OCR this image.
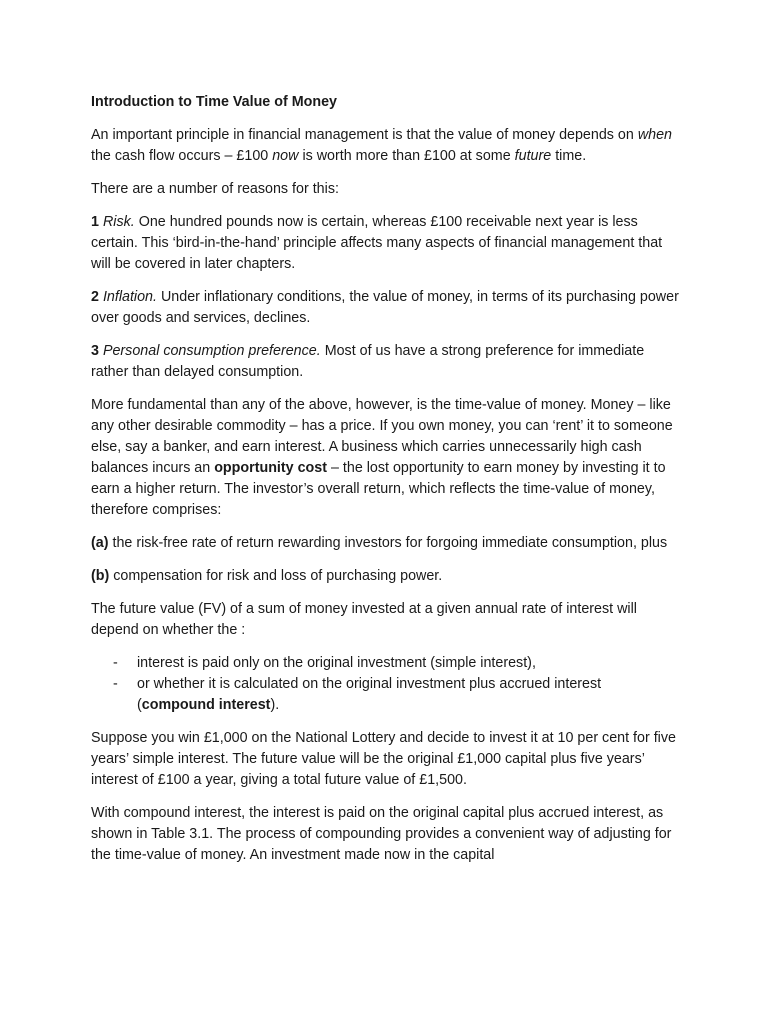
Introduction to Time Value of Money

An important principle in financial management is that the value of money depends on when the cash flow occurs – £100 now is worth more than £100 at some future time.

There are a number of reasons for this:

1 Risk. One hundred pounds now is certain, whereas £100 receivable next year is less certain. This ‘bird-in-the-hand’ principle affects many aspects of financial management that will be covered in later chapters.

2 Inflation. Under inflationary conditions, the value of money, in terms of its purchasing power over goods and services, declines.

3 Personal consumption preference. Most of us have a strong preference for immediate rather than delayed consumption.

More fundamental than any of the above, however, is the time-value of money. Money – like any other desirable commodity – has a price. If you own money, you can ‘rent’ it to someone else, say a banker, and earn interest. A business which carries unnecessarily high cash balances incurs an opportunity cost – the lost opportunity to earn money by investing it to earn a higher return. The investor’s overall return, which reflects the time-value of money, therefore comprises:

(a) the risk-free rate of return rewarding investors for forgoing immediate consumption, plus

(b) compensation for risk and loss of purchasing power.

The future value (FV) of a sum of money invested at a given annual rate of interest will depend on whether the :

- interest is paid only on the original investment (simple interest),
- or whether it is calculated on the original investment plus accrued interest (compound interest).

Suppose you win £1,000 on the National Lottery and decide to invest it at 10 per cent for five years’ simple interest. The future value will be the original £1,000 capital plus five years’ interest of £100 a year, giving a total future value of £1,500.

With compound interest, the interest is paid on the original capital plus accrued interest, as shown in Table 3.1. The process of compounding provides a convenient way of adjusting for the time-value of money. An investment made now in the capital
